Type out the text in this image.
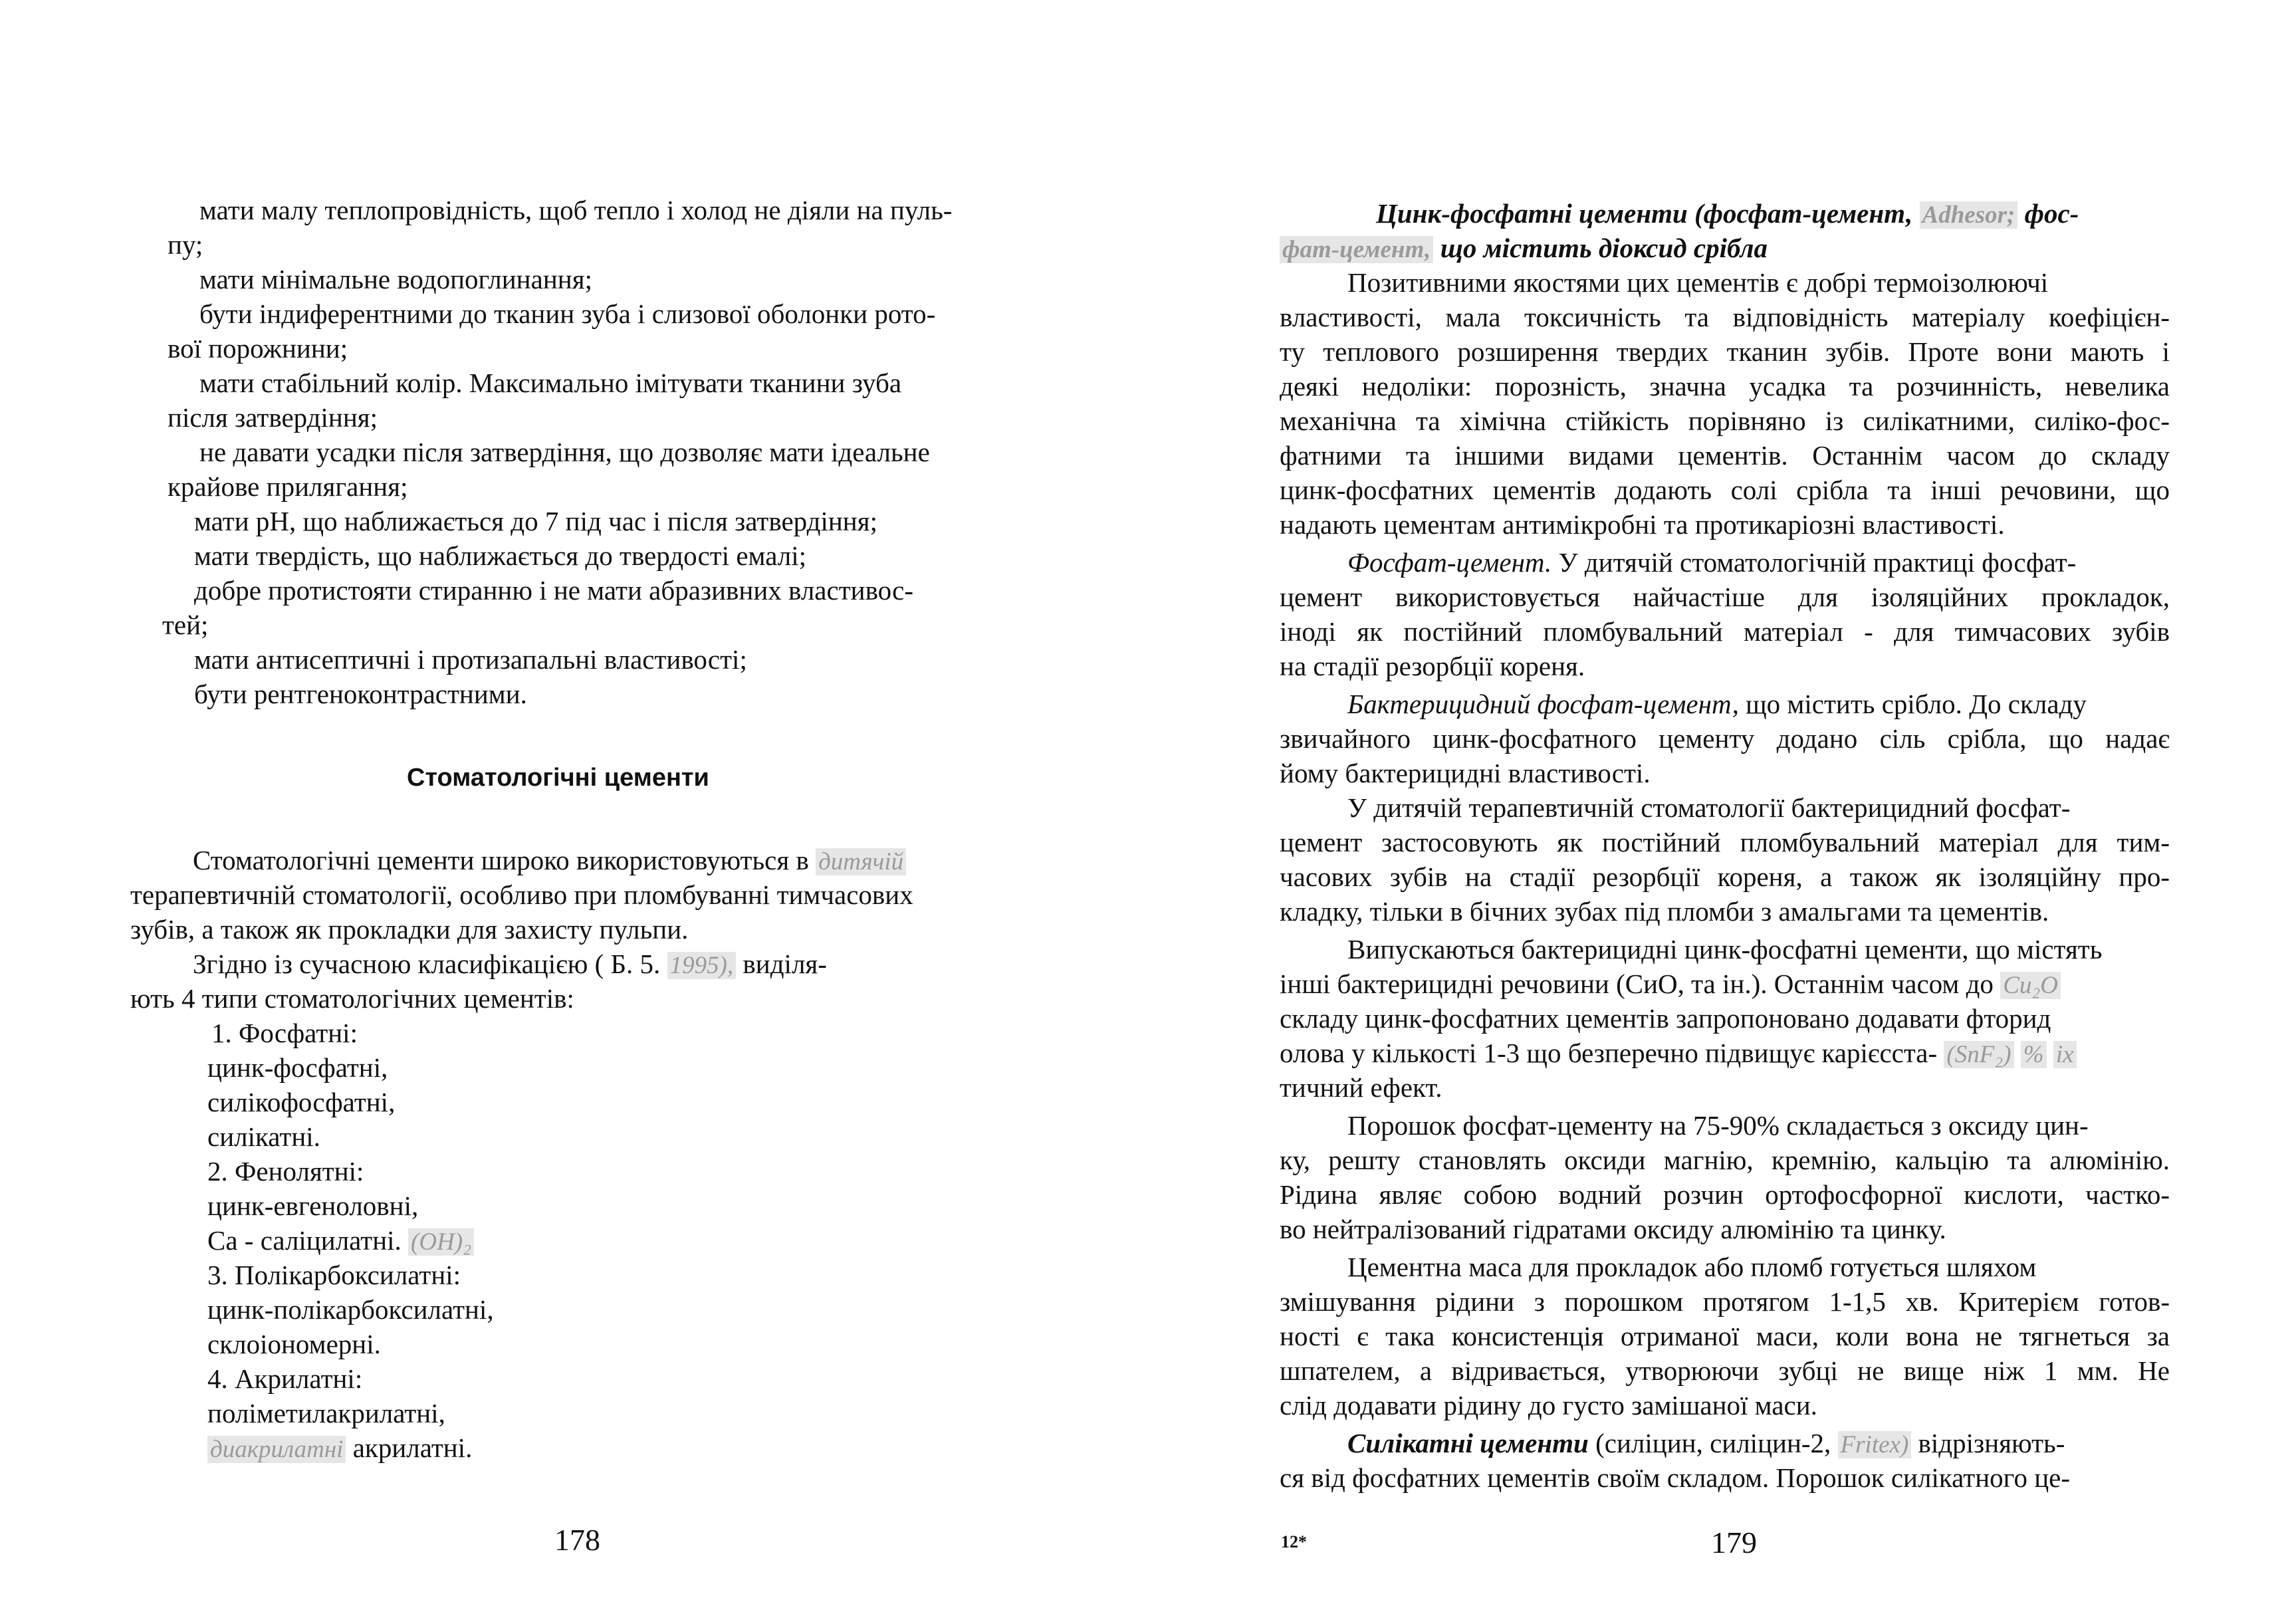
мати малу теплопровідність, щоб тепло і холод не діяли на пуль-
пу;
мати мінімальне водопоглинання;
бути індиферентними до тканин зуба і слизової оболонки рото-
вої порожнини;
мати стабільний колір. Максимально імітувати тканини зуба
після затвердіння;
не давати усадки після затвердіння, що дозволяє мати ідеальне
крайове прилягання;
мати pH, що наближається до 7 під час і після затвердіння;
мати твердість, що наближається до твердості емалі;
добре протистояти стиранню і не мати абразивних властивос-
тей;
мати антисептичні і протизапальні властивості;
бути рентгеноконтрастними.
Стоматологічні цементи
Стоматологічні цементи широко використовуються в дитячій
терапевтичній стоматології, особливо при пломбуванні тимчасових
зубів, а також як прокладки для захисту пульпи.
Згідно із сучасною класифікацією ( Б. 5. 1995), виділя-
ють 4 типи стоматологічних цементів:
1. Фосфатні:
цинк-фосфатні,
силікофосфатні,
силікатні.
2. Фенолятні:
цинк-евгеноловні,
Са - саліцилатні. (ОН)₂
3. Полікарбоксилатні:
цинк-полікарбоксилатні,
склоіономерні.
4. Акрилатні:
поліметилакрилатні,
диакрилатні акрилатні.
178
Цинк-фосфатні цементи (фосфат-цемент, Adhesor; фос-
фат-цемент, що містить діоксид срібла
Позитивними якостями цих цементів є добрі термоізолюючі
властивості, мала токсичність та відповідність матеріалу коефіцієн-
ту теплового розширення твердих тканин зубів. Проте вони мають і
деякі недоліки: порозність, значна усадка та розчинність, невелика
механічна та хімічна стійкість порівняно із силікатними, силіко-фос-
фатними та іншими видами цементів. Останнім часом до складу
цинк-фосфатних цементів додають солі срібла та інші речовини, що
надають цементам антимікробні та протикаріозні властивості.
Фосфат-цемент. У дитячій стоматологічній практиці фосфат-
цемент використовується найчастіше для ізоляційних прокладок,
іноді як постійний пломбувальний матеріал - для тимчасових зубів
на стадії резорбції кореня.
Бактерицидний фосфат-цемент, що містить срібло. До складу
звичайного цинк-фосфатного цементу додано сіль срібла, що надає
йому бактерицидні властивості.
У дитячій терапевтичній стоматології бактерицидний фосфат-
цемент застосовують як постійний пломбувальний матеріал для тим-
часових зубів на стадії резорбції кореня, а також як ізоляційну про-
кладку, тільки в бічних зубах під пломби з амальгами та цементів.
Випускаються бактерицидні цинк-фосфатні цементи, що містять
інші бактерицидні речовини (СиО, та ін.). Останнім часом до Cu₂O
складу цинк-фосфатних цементів запропоновано додавати фторид
олова у кількості 1-3 що безперечно підвищує карієсста- (SnF₂) % ix
тичний ефект.
Порошок фосфат-цементу на 75-90% складається з оксиду цин-
ку, решту становлять оксиди магнію, кремнію, кальцію та алюмінію.
Рідина являє собою водний розчин ортофосфорної кислоти, частко-
во нейтралізований гідратами оксиду алюмінію та цинку.
Цементна маса для прокладок або пломб готується шляхом
змішування рідини з порошком протягом 1-1,5 хв. Критерієм готов-
ності є така консистенція отриманої маси, коли вона не тягнеться за
шпателем, а відривається, утворюючи зубці не вище ніж 1 мм. Не
слід додавати рідину до густо замішаної маси.
Силікатні цементи (силіцин, силіцин-2, Fritex) відрізняють-
ся від фосфатних цементів своїм складом. Порошок силікатного це-
12*	179
